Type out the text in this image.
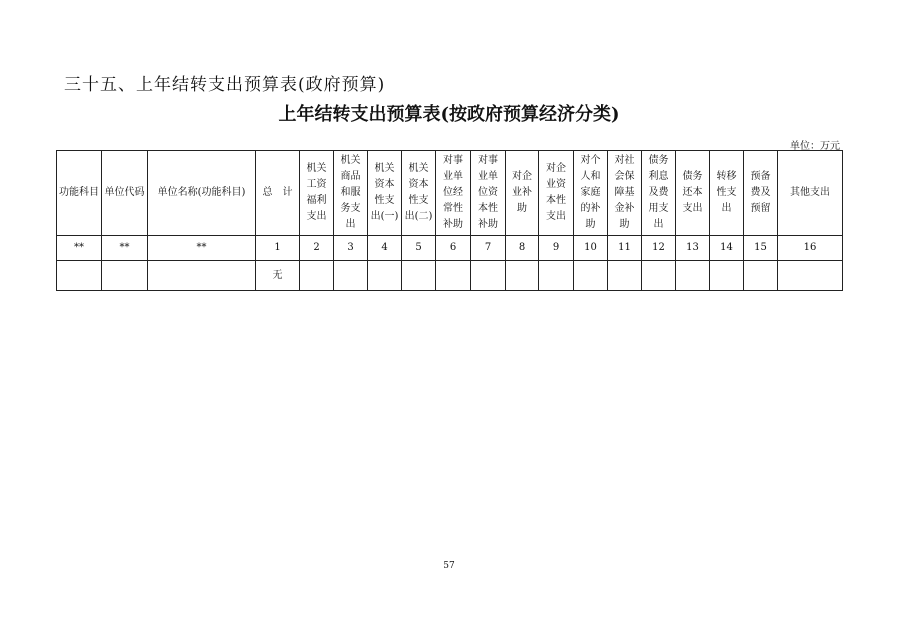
三十五、上年结转支出预算表(政府预算)
上年结转支出预算表(按政府预算经济分类)
单位：万元
功能科目	单位代码	单位名称(功能科目)	总　计	机关工资福利支出	机关商品和服务支出	机关资本性支出(一)	机关资本性支出(二)	对事业单位经常性补助	对事业单位资本性补助	对企业补助	对企业资本性支出	对个人和家庭的补助	对社会保障基金补助	债务利息及费用支出	债务还本支出	转移性支出	预备费及预留	其他支出
**	**	**	1	2	3	4	5	6	7	8	9	10	11	12	13	14	15	16
			无															
57
